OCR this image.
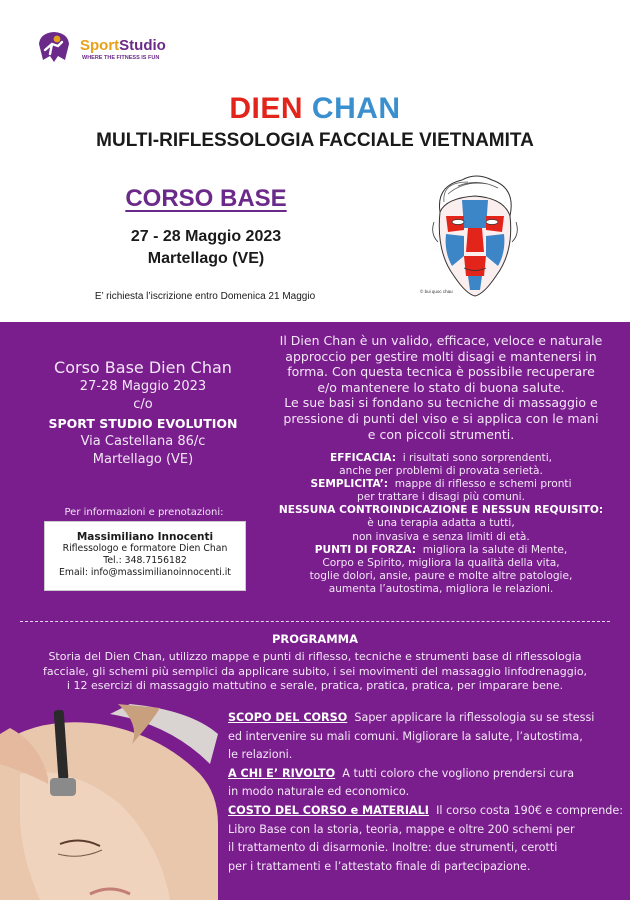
SportStudio
WHERE THE FITNESS IS FUN
DIEN CHAN
MULTI-RIFLESSOLOGIA FACCIALE VIETNAMITA
CORSO BASE
27 - 28 Maggio 2023
Martellago (VE)
E’ richiesta l’iscrizione entro Domenica 21 Maggio	© bui quoc chau
Corso Base Dien Chan
27-28 Maggio 2023
c/o
SPORT STUDIO EVOLUTION
Via Castellana 86/c
Martellago (VE)
Per informazioni e prenotazioni:
Massimiliano Innocenti
Riflessologo e formatore Dien Chan
Tel.: 348.7156182
Email: info@massimilianoinnocenti.it
Il Dien Chan è un valido, efficace, veloce e naturale
approccio per gestire molti disagi e mantenersi in
forma. Con questa tecnica è possibile recuperare
e/o mantenere lo stato di buona salute.
Le sue basi si fondano su tecniche di massaggio e
pressione di punti del viso e si applica con le mani
e con piccoli strumenti.
EFFICACIA: i risultati sono sorprendenti,
anche per problemi di provata serietà.
SEMPLICITA’: mappe di riflesso e schemi pronti
per trattare i disagi più comuni.
NESSUNA CONTROINDICAZIONE E NESSUN REQUISITO:
è una terapia adatta a tutti,
non invasiva e senza limiti di età.
PUNTI DI FORZA: migliora la salute di Mente,
Corpo e Spirito, migliora la qualità della vita,
toglie dolori, ansie, paure e molte altre patologie,
aumenta l’autostima, migliora le relazioni.
PROGRAMMA
Storia del Dien Chan, utilizzo mappe e punti di riflesso, tecniche e strumenti base di riflessologia
facciale, gli schemi più semplici da applicare subito, i sei movimenti del massaggio linfodrenaggio,
i 12 esercizi di massaggio mattutino e serale, pratica, pratica, pratica, per imparare bene.
SCOPO DEL CORSO Saper applicare la riflessologia su se stessi
ed intervenire su mali comuni. Migliorare la salute, l’autostima,
le relazioni.
A CHI E’ RIVOLTO A tutti coloro che vogliono prendersi cura
in modo naturale ed economico.
COSTO DEL CORSO e MATERIALI Il corso costa 190€ e comprende:
Libro Base con la storia, teoria, mappe e oltre 200 schemi per
il trattamento di disarmonie. Inoltre: due strumenti, cerotti
per i trattamenti e l’attestato finale di partecipazione.
